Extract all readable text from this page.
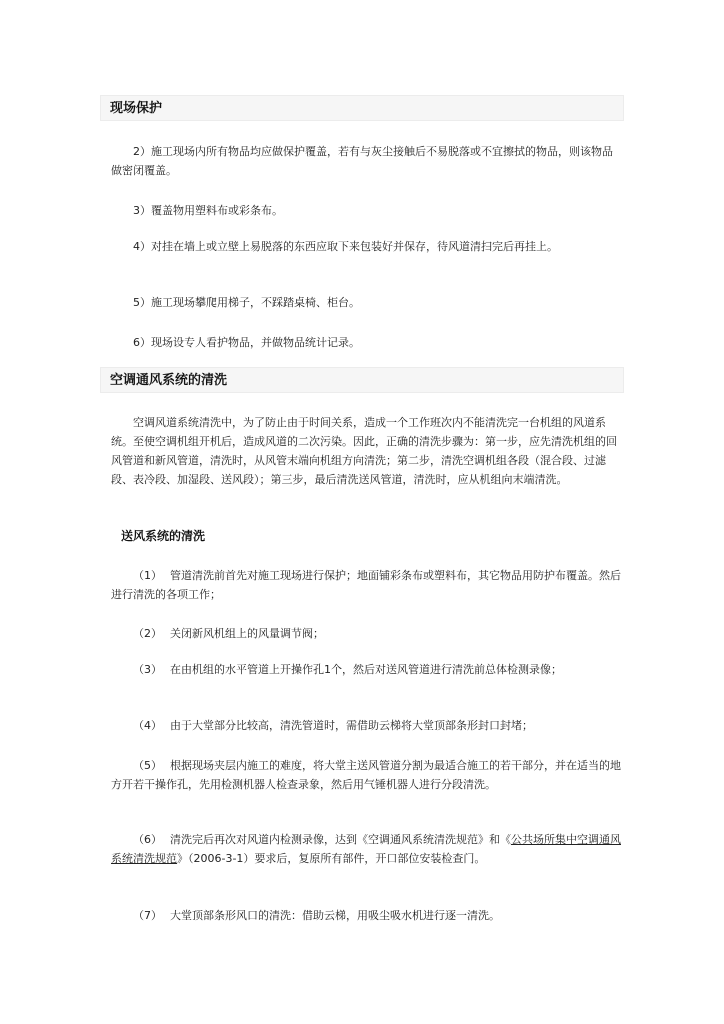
现场保护

2）施工现场内所有物品均应做保护覆盖，若有与灰尘接触后不易脱落或不宜擦拭的物品，则该物品做密闭覆盖。

3）覆盖物用塑料布或彩条布。

4）对挂在墙上或立壁上易脱落的东西应取下来包装好并保存，待风道清扫完后再挂上。

5）施工现场攀爬用梯子，不踩踏桌椅、柜台。

6）现场设专人看护物品，并做物品统计记录。

空调通风系统的清洗

空调风道系统清洗中，为了防止由于时间关系，造成一个工作班次内不能清洗完一台机组的风道系统。至使空调机组开机后，造成风道的二次污染。因此，正确的清洗步骤为：第一步，应先清洗机组的回风管道和新风管道，清洗时，从风管末端向机组方向清洗；第二步，清洗空调机组各段（混合段、过滤段、表冷段、加湿段、送风段）；第三步，最后清洗送风管道，清洗时，应从机组向末端清洗。

送风系统的清洗

（1） 管道清洗前首先对施工现场进行保护；地面铺彩条布或塑料布，其它物品用防护布覆盖。然后进行清洗的各项工作；

（2） 关闭新风机组上的风量调节阀；

（3） 在由机组的水平管道上开操作孔1个，然后对送风管道进行清洗前总体检测录像；

（4） 由于大堂部分比较高，清洗管道时，需借助云梯将大堂顶部条形封口封堵；

（5） 根据现场夹层内施工的难度，将大堂主送风管道分割为最适合施工的若干部分，并在适当的地方开若干操作孔，先用检测机器人检查录象，然后用气锤机器人进行分段清洗。

（6） 清洗完后再次对风道内检测录像，达到《空调通风系统清洗规范》和《公共场所集中空调通风系统清洗规范》（2006-3-1）要求后，复原所有部件，开口部位安装检查门。

（7） 大堂顶部条形风口的清洗：借助云梯，用吸尘吸水机进行逐一清洗。
